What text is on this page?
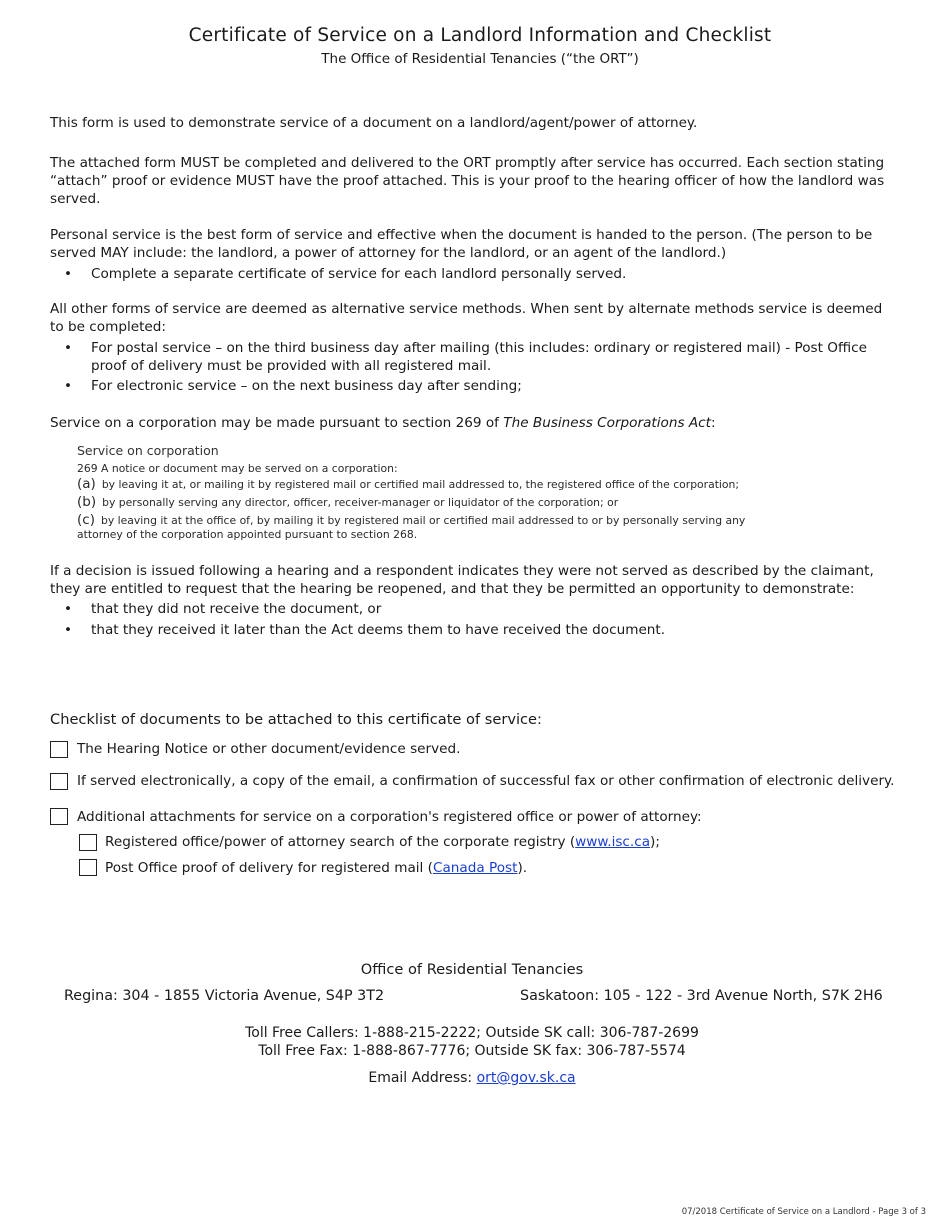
Certificate of Service on a Landlord Information and Checklist
The Office of Residential Tenancies (“the ORT”)
This form is used to demonstrate service of a document on a landlord/agent/power of attorney.
The attached form MUST be completed and delivered to the ORT promptly after service has occurred. Each section stating “attach” proof or evidence MUST have the proof attached. This is your proof to the hearing officer of how the landlord was served.
Personal service is the best form of service and effective when the document is handed to the person. (The person to be served MAY include: the landlord, a power of attorney for the landlord, or an agent of the landlord.)
•	Complete a separate certificate of service for each landlord personally served.
All other forms of service are deemed as alternative service methods. When sent by alternate methods service is deemed to be completed:
•	For postal service – on the third business day after mailing (this includes: ordinary or registered mail) - Post Office proof of delivery must be provided with all registered mail.
•	For electronic service – on the next business day after sending;
Service on a corporation may be made pursuant to section 269 of The Business Corporations Act:
Service on corporation
269 A notice or document may be served on a corporation:
(a) by leaving it at, or mailing it by registered mail or certified mail addressed to, the registered office of the corporation;
(b) by personally serving any director, officer, receiver-manager or liquidator of the corporation; or
(c) by leaving it at the office of, by mailing it by registered mail or certified mail addressed to or by personally serving any attorney of the corporation appointed pursuant to section 268.
If a decision is issued following a hearing and a respondent indicates they were not served as described by the claimant, they are entitled to request that the hearing be reopened, and that they be permitted an opportunity to demonstrate:
•	that they did not receive the document, or
•	that they received it later than the Act deems them to have received the document.
Checklist of documents to be attached to this certificate of service:
The Hearing Notice or other document/evidence served.
If served electronically, a copy of the email, a confirmation of successful fax or other confirmation of electronic delivery.
Additional attachments for service on a corporation's registered office or power of attorney:
Registered office/power of attorney search of the corporate registry (www.isc.ca);
Post Office proof of delivery for registered mail (Canada Post).
Office of Residential Tenancies
Regina: 304 - 1855 Victoria Avenue, S4P 3T2	Saskatoon: 105 - 122 - 3rd Avenue North, S7K 2H6
Toll Free Callers: 1-888-215-2222; Outside SK call: 306-787-2699
Toll Free Fax: 1-888-867-7776; Outside SK fax: 306-787-5574
Email Address: ort@gov.sk.ca
07/2018 Certificate of Service on a Landlord - Page 3 of 3
